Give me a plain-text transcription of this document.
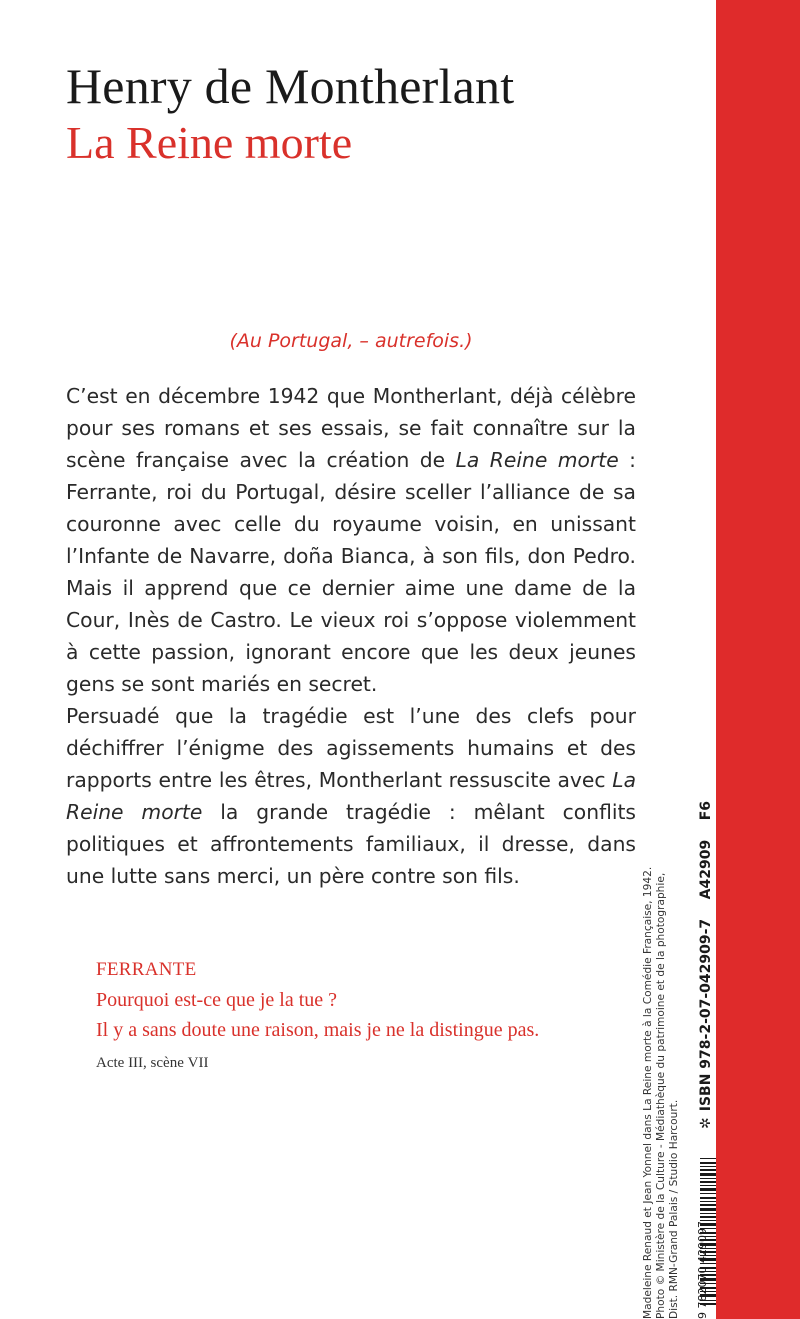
Henry de Montherlant
La Reine morte
(Au Portugal, – autrefois.)

C’est en décembre 1942 que Montherlant, déjà célèbre pour ses romans et ses essais, se fait connaître sur la scène française avec la création de La Reine morte : Ferrante, roi du Portugal, désire sceller l’alliance de sa couronne avec celle du royaume voisin, en unissant l’Infante de Navarre, doña Bianca, à son fils, don Pedro. Mais il apprend que ce dernier aime une dame de la Cour, Inès de Castro. Le vieux roi s’oppose violemment à cette passion, ignorant encore que les deux jeunes gens se sont mariés en secret.

Persuadé que la tragédie est l’une des clefs pour déchiffrer l’énigme des agissements humains et des rapports entre les êtres, Montherlant ressuscite avec La Reine morte la grande tragédie : mêlant conflits politiques et affrontements familiaux, il dresse, dans une lutte sans merci, un père contre son fils.

FERRANTE
Pourquoi est-ce que je la tue ?
Il y a sans doute une raison, mais je ne la distingue pas.
Acte III, scène VII	Madeleine Renaud et Jean Yonnel dans La Reine morte à la Comédie Française, 1942. Photo © Ministère de la Culture - Médiathèque du patrimoine et de la photographie, Dist. RMN-Grand Palais / Studio Harcourt. 9 782070 429097
✲ISBN 978-2-07-042909-7    A42909    F6
